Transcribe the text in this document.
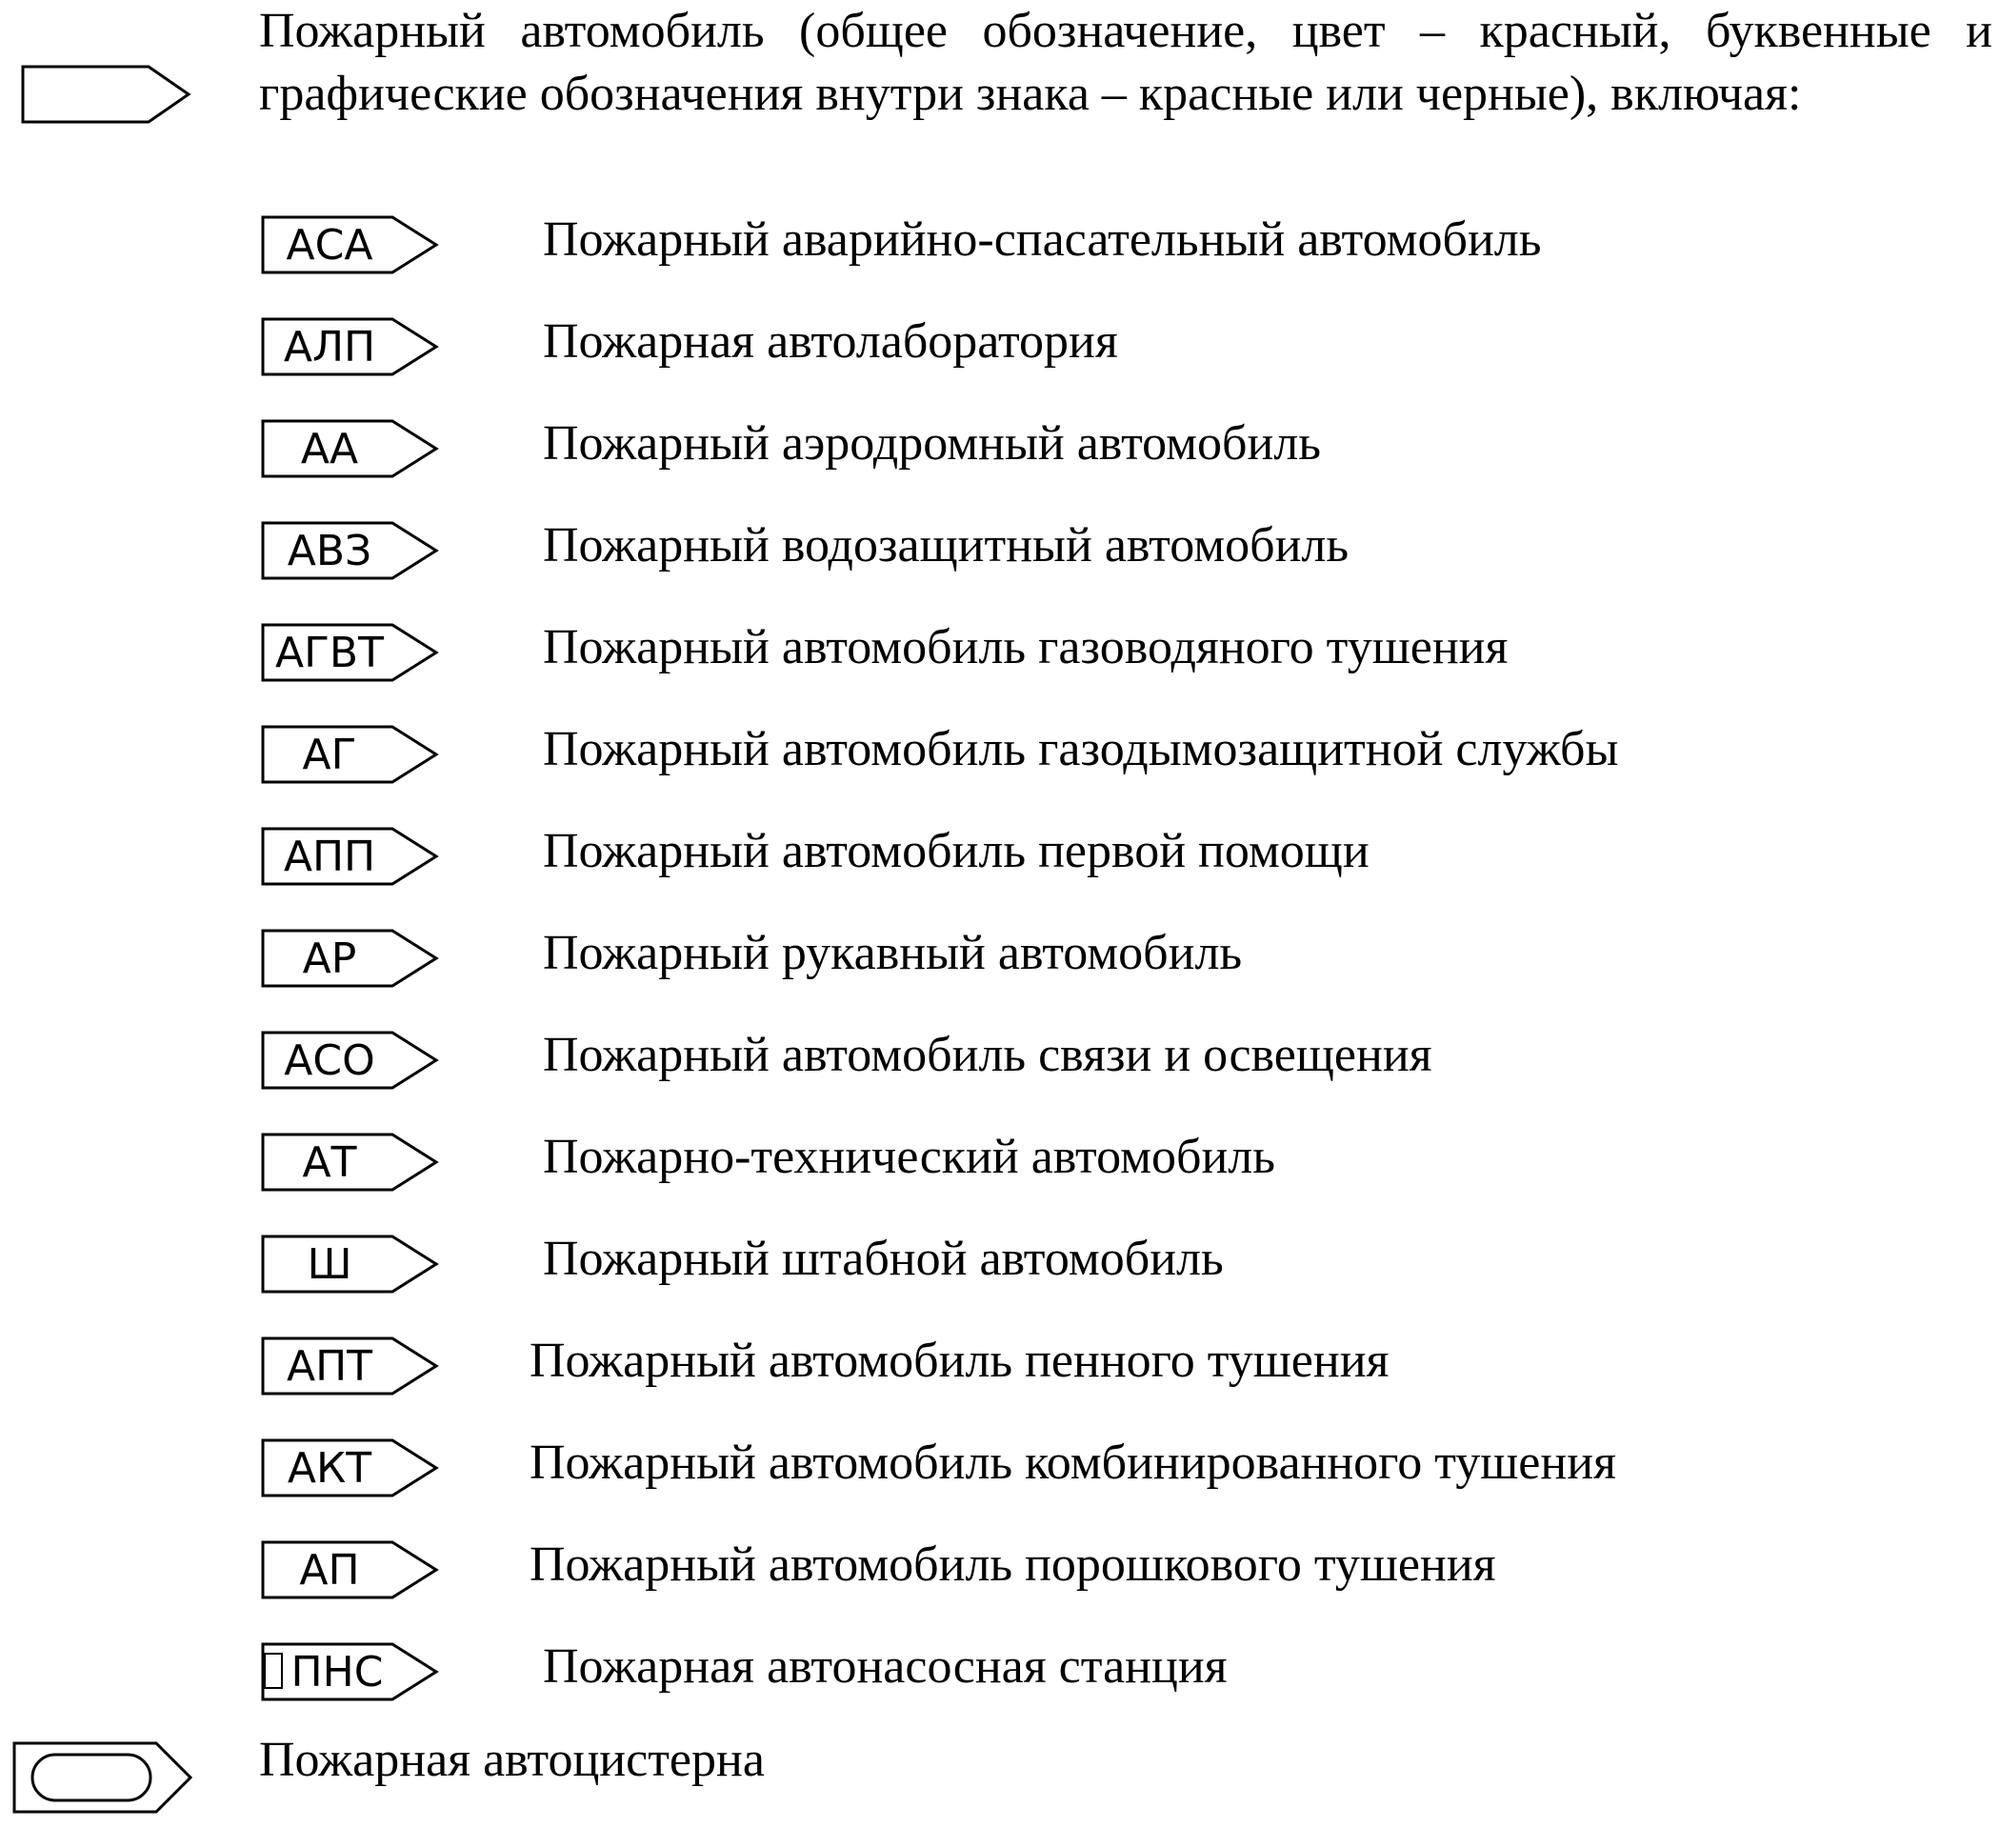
Пожарный автомобиль (общее обозначение, цвет – красный, буквенные и графические обозначения внутри знака – красные или черные), включая:
АСА	Пожарный аварийно-спасательный автомобиль
АЛП	Пожарная автолаборатория
АА	Пожарный аэродромный автомобиль
АВЗ	Пожарный водозащитный автомобиль
АГВТ	Пожарный автомобиль газоводяного тушения
АГ	Пожарный автомобиль газодымозащитной службы
АПП	Пожарный автомобиль первой помощи
АР	Пожарный рукавный автомобиль
АСО	Пожарный автомобиль связи и освещения
АТ	Пожарно-технический автомобиль
Ш	Пожарный штабной автомобиль
АПТ	Пожарный автомобиль пенного тушения
АКТ	Пожарный автомобиль комбинированного тушения
АП	Пожарный автомобиль порошкового тушения
ПНС	Пожарная автонасосная станция
Пожарная автоцистерна
